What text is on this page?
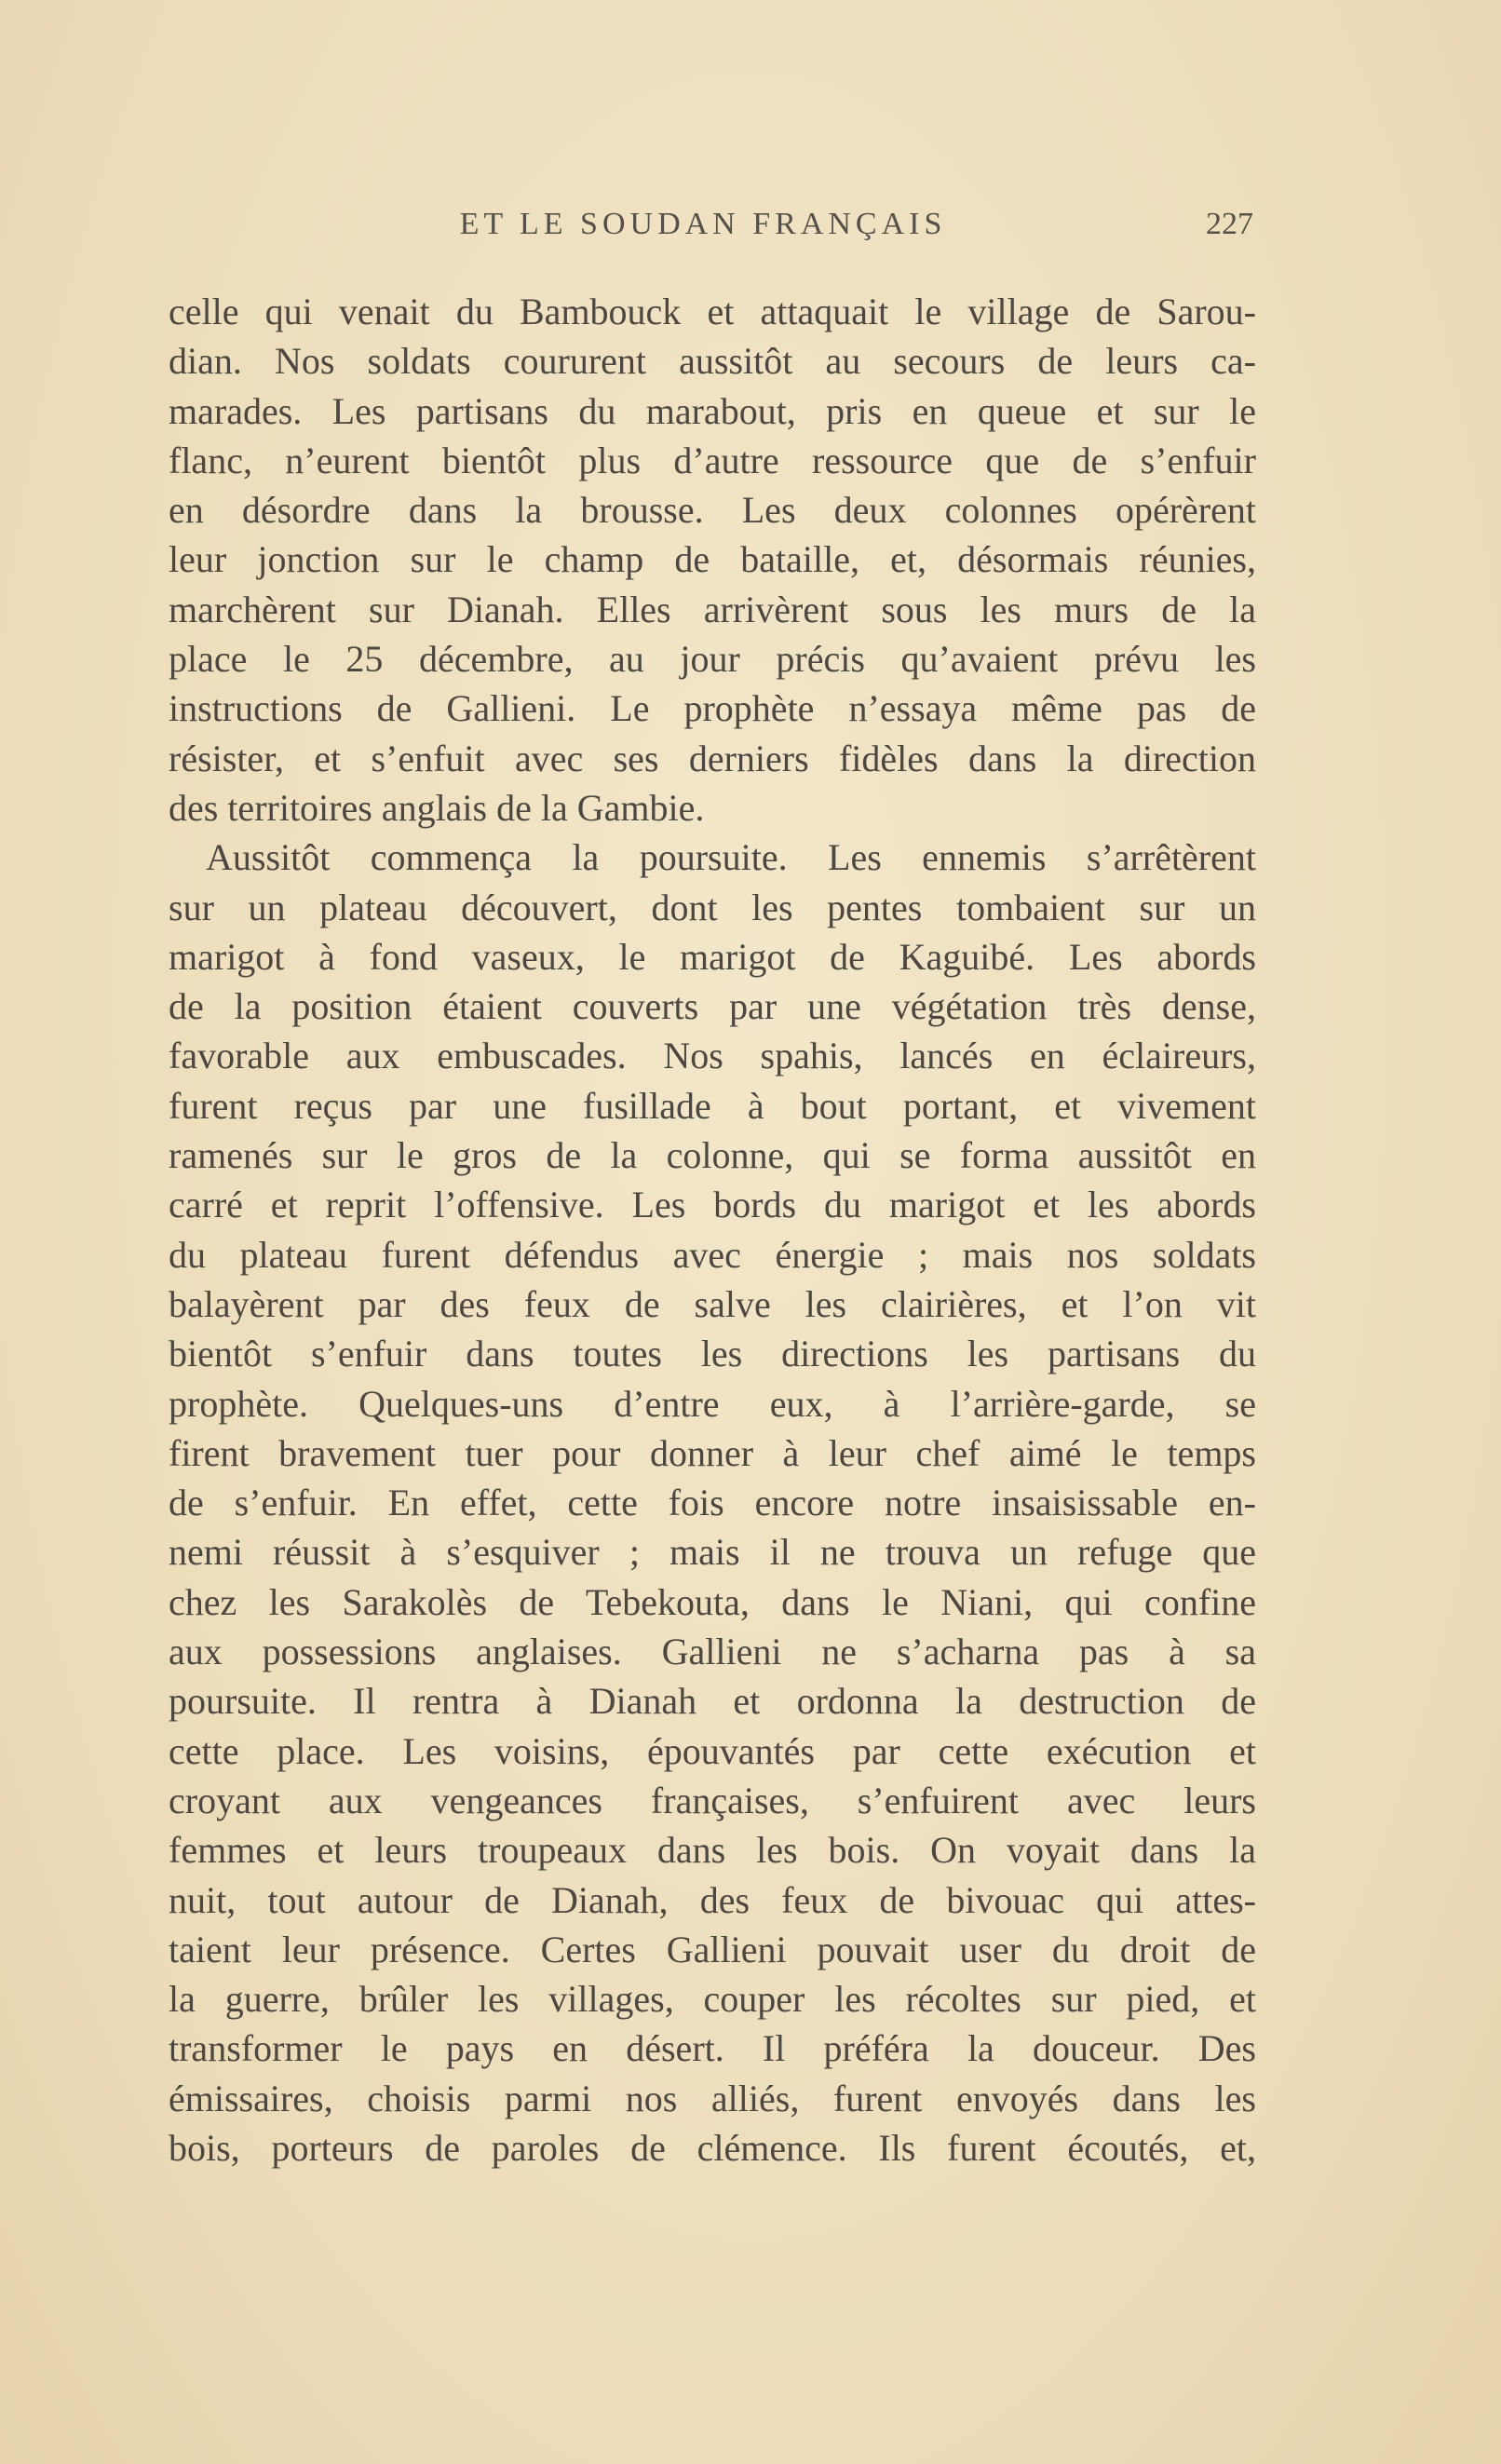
ET LE SOUDAN FRANÇAIS	227
celle qui venait du Bambouck et attaquait le village de Sarou-
dian. Nos soldats coururent aussitôt au secours de leurs ca-
marades. Les partisans du marabout, pris en queue et sur le
flanc, n’eurent bientôt plus d’autre ressource que de s’enfuir
en désordre dans la brousse. Les deux colonnes opérèrent
leur jonction sur le champ de bataille, et, désormais réunies,
marchèrent sur Dianah. Elles arrivèrent sous les murs de la
place le 25 décembre, au jour précis qu’avaient prévu les
instructions de Gallieni. Le prophète n’essaya même pas de
résister, et s’enfuit avec ses derniers fidèles dans la direction
des territoires anglais de la Gambie.
Aussitôt commença la poursuite. Les ennemis s’arrêtèrent
sur un plateau découvert, dont les pentes tombaient sur un
marigot à fond vaseux, le marigot de Kaguibé. Les abords
de la position étaient couverts par une végétation très dense,
favorable aux embuscades. Nos spahis, lancés en éclaireurs,
furent reçus par une fusillade à bout portant, et vivement
ramenés sur le gros de la colonne, qui se forma aussitôt en
carré et reprit l’offensive. Les bords du marigot et les abords
du plateau furent défendus avec énergie ; mais nos soldats
balayèrent par des feux de salve les clairières, et l’on vit
bientôt s’enfuir dans toutes les directions les partisans du
prophète. Quelques-uns d’entre eux, à l’arrière-garde, se
firent bravement tuer pour donner à leur chef aimé le temps
de s’enfuir. En effet, cette fois encore notre insaisissable en-
nemi réussit à s’esquiver ; mais il ne trouva un refuge que
chez les Sarakolès de Tebekouta, dans le Niani, qui confine
aux possessions anglaises. Gallieni ne s’acharna pas à sa
poursuite. Il rentra à Dianah et ordonna la destruction de
cette place. Les voisins, épouvantés par cette exécution et
croyant aux vengeances françaises, s’enfuirent avec leurs
femmes et leurs troupeaux dans les bois. On voyait dans la
nuit, tout autour de Dianah, des feux de bivouac qui attes-
taient leur présence. Certes Gallieni pouvait user du droit de
la guerre, brûler les villages, couper les récoltes sur pied, et
transformer le pays en désert. Il préféra la douceur. Des
émissaires, choisis parmi nos alliés, furent envoyés dans les
bois, porteurs de paroles de clémence. Ils furent écoutés, et,
